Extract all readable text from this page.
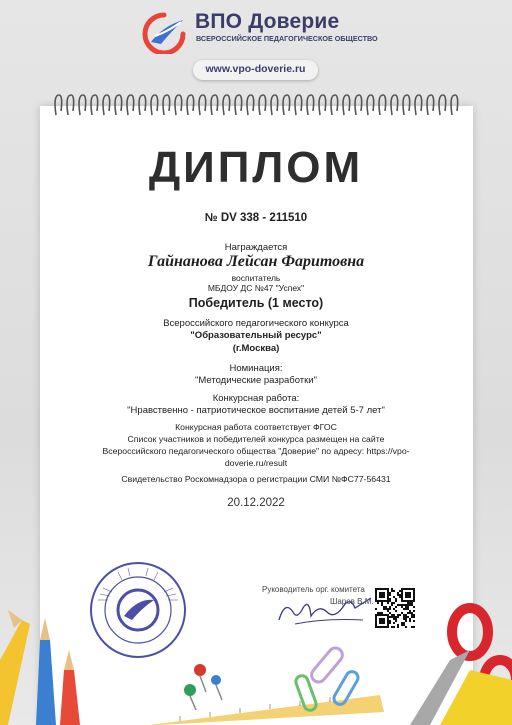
ВПО Доверие
ВСЕРОССИЙСКОЕ ПЕДАГОГИЧЕСКОЕ ОБЩЕСТВО
www.vpo-doverie.ru
ДИПЛОМ
№ DV 338 - 211510
Награждается
Гайнанова Лейсан Фаритовна
воспитатель
МБДОУ ДС №47 "Успех"
Победитель (1 место)
Всероссийского педагогического конкурса
"Образовательный ресурс"
(г.Москва)
Номинация:
"Методические разработки"
Конкурсная работа:
"Нравственно - патриотическое воспитание детей 5-7 лет"
Конкурсная работа соответствует ФГОС
Список участников и победителей конкурса размещен на сайте
Всероссийского педагогического общества "Доверие" по адресу: https://vpo-
doverie.ru/result
Свидетельство Роскомнадзора о регистрации СМИ №ФС77-56431
20.12.2022
Руководитель орг. комитета
Шаров В.М.
